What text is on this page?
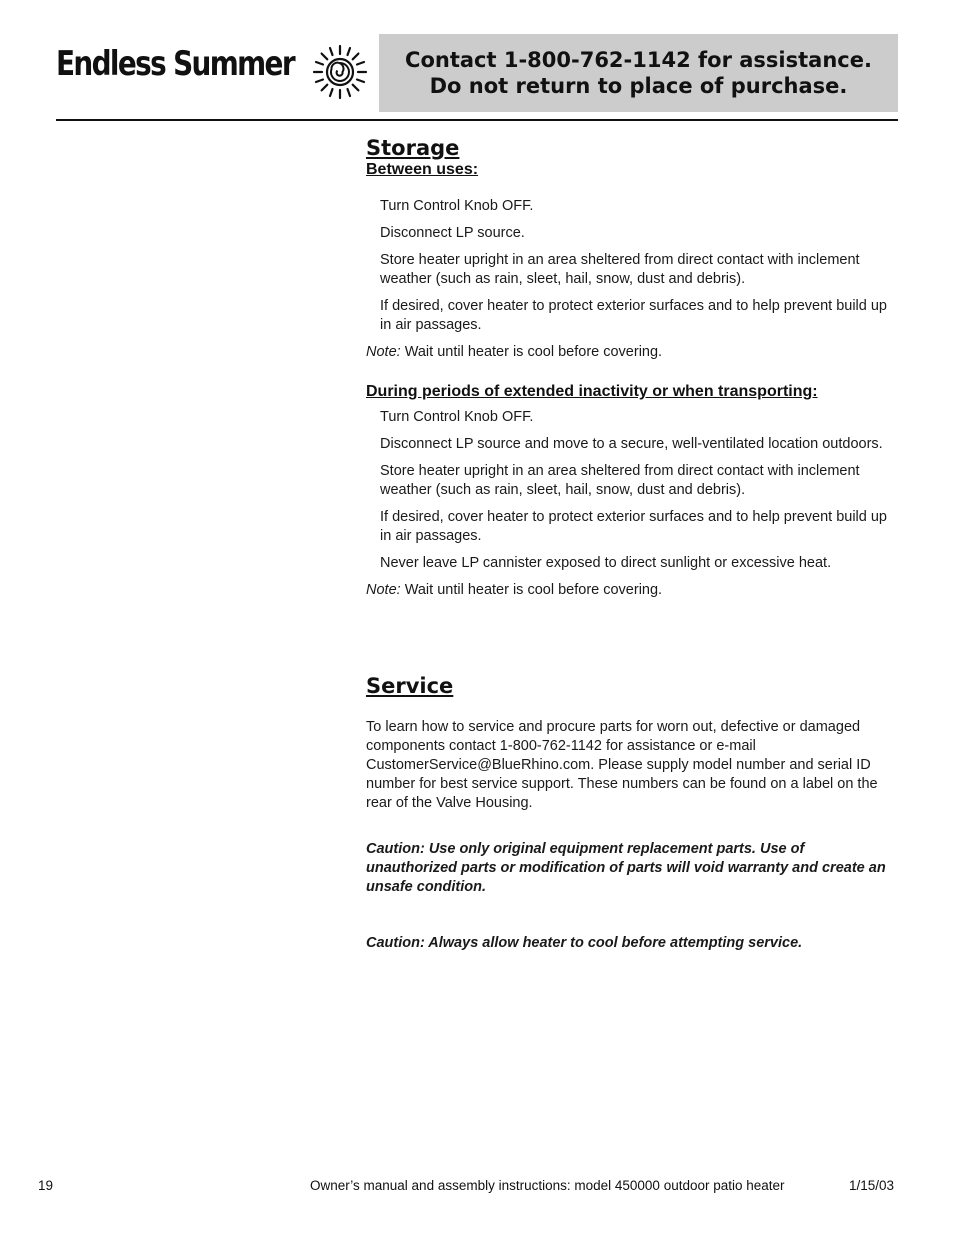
Endless Summer	Contact 1-800-762-1142 for assistance.
Do not return to place of purchase.
Storage
Between uses:
Turn Control Knob OFF.
Disconnect LP source.
Store heater upright in an area sheltered from direct contact with inclement weather (such as rain, sleet, hail, snow, dust and debris).
If desired, cover heater to protect exterior surfaces and to help prevent build up in air passages.
Note: Wait until heater is cool before covering.
During periods of extended inactivity or when transporting:
Turn Control Knob OFF.
Disconnect LP source and move to a secure, well-ventilated location outdoors.
Store heater upright in an area sheltered from direct contact with inclement weather (such as rain, sleet, hail, snow, dust and debris).
If desired, cover heater to protect exterior surfaces and to help prevent build up in air passages.
Never leave LP cannister exposed to direct sunlight or excessive heat.
Note: Wait until heater is cool before covering.
Service
To learn how to service and procure parts for worn out, defective or damaged components contact 1-800-762-1142 for assistance or e-mail CustomerService@BlueRhino.com. Please supply model number and serial ID number for best service support. These numbers can be found on a label on the rear of the Valve Housing.
Caution: Use only original equipment replacement parts. Use of unauthorized parts or modification of parts will void warranty and create an unsafe condition.
Caution: Always allow heater to cool before attempting service.
19	Owner’s manual and assembly instructions: model 450000 outdoor patio heater	1/15/03
